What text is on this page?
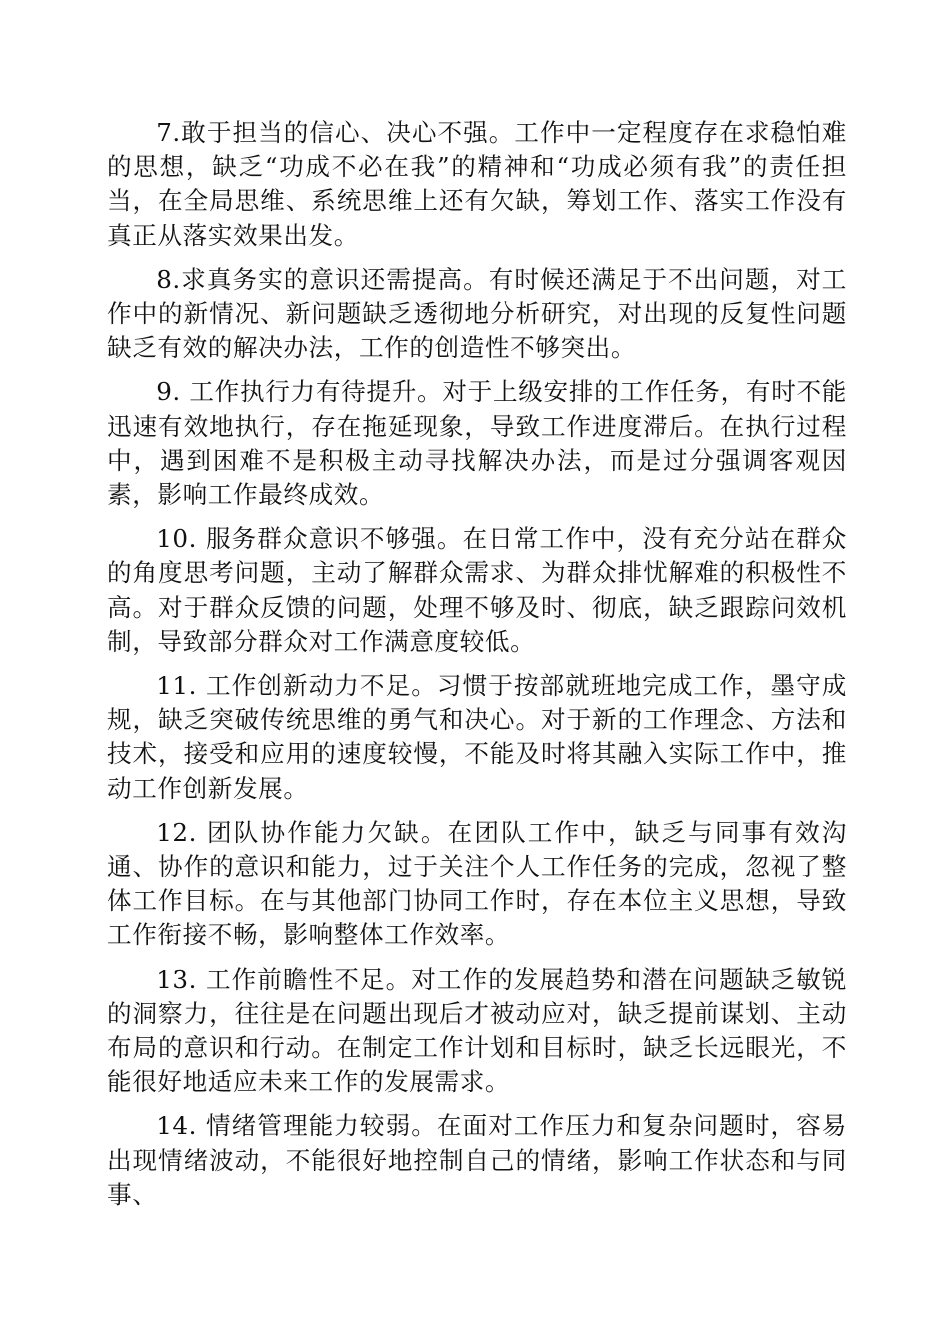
7.敢于担当的信心、决心不强。工作中一定程度存在求稳怕难的思想，缺乏“功成不必在我”的精神和“功成必须有我”的责任担当，在全局思维、系统思维上还有欠缺，筹划工作、落实工作没有真正从落实效果出发。

8.求真务实的意识还需提高。有时候还满足于不出问题，对工作中的新情况、新问题缺乏透彻地分析研究，对出现的反复性问题缺乏有效的解决办法，工作的创造性不够突出。

9. 工作执行力有待提升。对于上级安排的工作任务，有时不能迅速有效地执行，存在拖延现象，导致工作进度滞后。在执行过程中，遇到困难不是积极主动寻找解决办法，而是过分强调客观因素，影响工作最终成效。

10. 服务群众意识不够强。在日常工作中，没有充分站在群众的角度思考问题，主动了解群众需求、为群众排忧解难的积极性不高。对于群众反馈的问题，处理不够及时、彻底，缺乏跟踪问效机制，导致部分群众对工作满意度较低。

11. 工作创新动力不足。习惯于按部就班地完成工作，墨守成规，缺乏突破传统思维的勇气和决心。对于新的工作理念、方法和技术，接受和应用的速度较慢，不能及时将其融入实际工作中，推动工作创新发展。

12. 团队协作能力欠缺。在团队工作中，缺乏与同事有效沟通、协作的意识和能力，过于关注个人工作任务的完成，忽视了整体工作目标。在与其他部门协同工作时，存在本位主义思想，导致工作衔接不畅，影响整体工作效率。

13. 工作前瞻性不足。对工作的发展趋势和潜在问题缺乏敏锐的洞察力，往往是在问题出现后才被动应对，缺乏提前谋划、主动布局的意识和行动。在制定工作计划和目标时，缺乏长远眼光，不能很好地适应未来工作的发展需求。

14. 情绪管理能力较弱。在面对工作压力和复杂问题时，容易出现情绪波动，不能很好地控制自己的情绪，影响工作状态和与同事、
